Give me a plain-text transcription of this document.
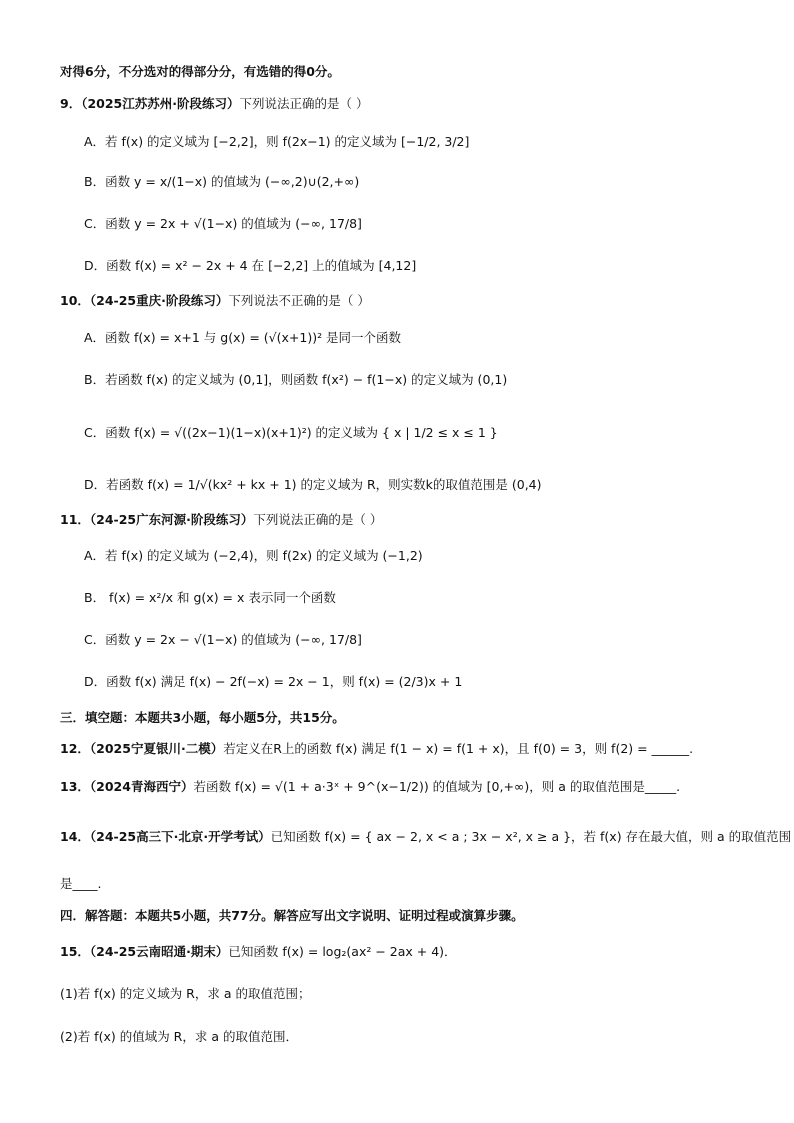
对得6分，不分选对的得部分分，有选错的得0分。
9．（2025江苏苏州·阶段练习）下列说法正确的是（ ）
A．若 f(x) 的定义域为 [−2,2]，则 f(2x−1) 的定义域为 [−1/2, 3/2]
B．函数 y = x/(1−x) 的值域为 (−∞,2)∪(2,+∞)
C．函数 y = 2x + √(1−x) 的值域为 (−∞, 17/8]
D．函数 f(x) = x² − 2x + 4 在 [−2,2] 上的值域为 [4,12]
10．（24-25重庆·阶段练习）下列说法不正确的是（ ）
A．函数 f(x) = x+1 与 g(x) = (√(x+1))² 是同一个函数
B．若函数 f(x) 的定义域为 (0,1]，则函数 f(x²) − f(1−x) 的定义域为 (0,1)
C．函数 f(x) = √((2x−1)(1−x)(x+1)²) 的定义域为 { x | 1/2 ≤ x ≤ 1 }
D．若函数 f(x) = 1/√(kx² + kx + 1) 的定义域为 R，则实数k的取值范围是 (0,4)
11．（24-25广东河源·阶段练习）下列说法正确的是（ ）
A．若 f(x) 的定义域为 (−2,4)，则 f(2x) 的定义域为 (−1,2)
B． f(x) = x²/x 和 g(x) = x 表示同一个函数
C．函数 y = 2x − √(1−x) 的值域为 (−∞, 17/8]
D．函数 f(x) 满足 f(x) − 2f(−x) = 2x − 1，则 f(x) = (2/3)x + 1
三．填空题：本题共3小题，每小题5分，共15分。
12．（2025宁夏银川·二模）若定义在R上的函数 f(x) 满足 f(1 − x) = f(1 + x)，且 f(0) = 3，则 f(2) = ______.
13．（2024青海西宁）若函数 f(x) = √(1 + a·3ˣ + 9^(x−1/2)) 的值域为 [0,+∞)，则 a 的取值范围是_____.
14．（24-25高三下·北京·开学考试）已知函数 f(x) = { ax − 2, x < a ; 3x − x², x ≥ a }，若 f(x) 存在最大值，则 a 的取值范围
是____.
四．解答题：本题共5小题，共77分。解答应写出文字说明、证明过程或演算步骤。
15．（24-25云南昭通·期末）已知函数 f(x) = log₂(ax² − 2ax + 4)．
(1)若 f(x) 的定义域为 R，求 a 的取值范围；
(2)若 f(x) 的值域为 R，求 a 的取值范围．
